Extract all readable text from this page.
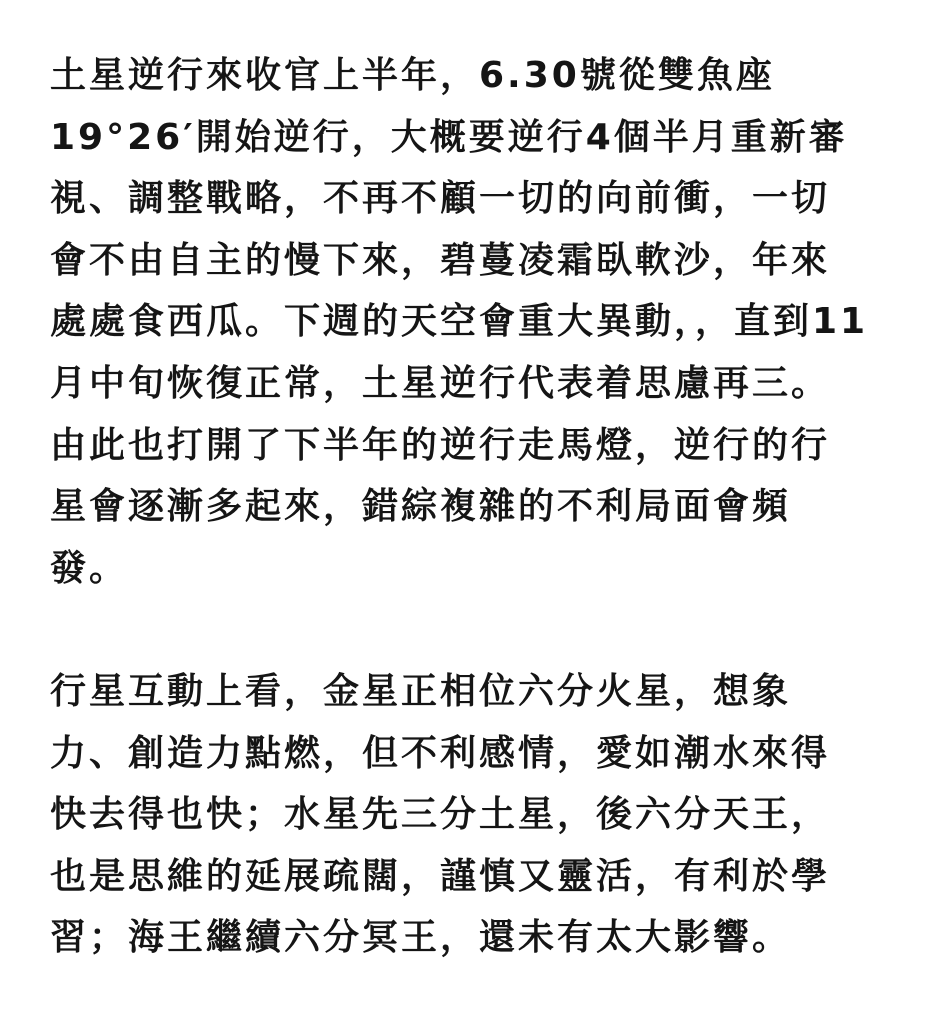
土星逆行來收官上半年，6.30號從雙魚座
19°26′開始逆行，大概要逆行4個半月重新審
視、調整戰略，不再不顧一切的向前衝，一切
會不由自主的慢下來，碧蔓凌霜臥軟沙，年來
處處食西瓜。下週的天空會重大異動，，直到11
月中旬恢復正常，土星逆行代表着思慮再三。
由此也打開了下半年的逆行走馬燈，逆行的行
星會逐漸多起來，錯綜複雜的不利局面會頻
發。

行星互動上看，金星正相位六分火星，想象
力、創造力點燃，但不利感情，愛如潮水來得
快去得也快；水星先三分土星，後六分天王，
也是思維的延展疏闊，謹慎又靈活，有利於學
習；海王繼續六分冥王，還未有太大影響。
